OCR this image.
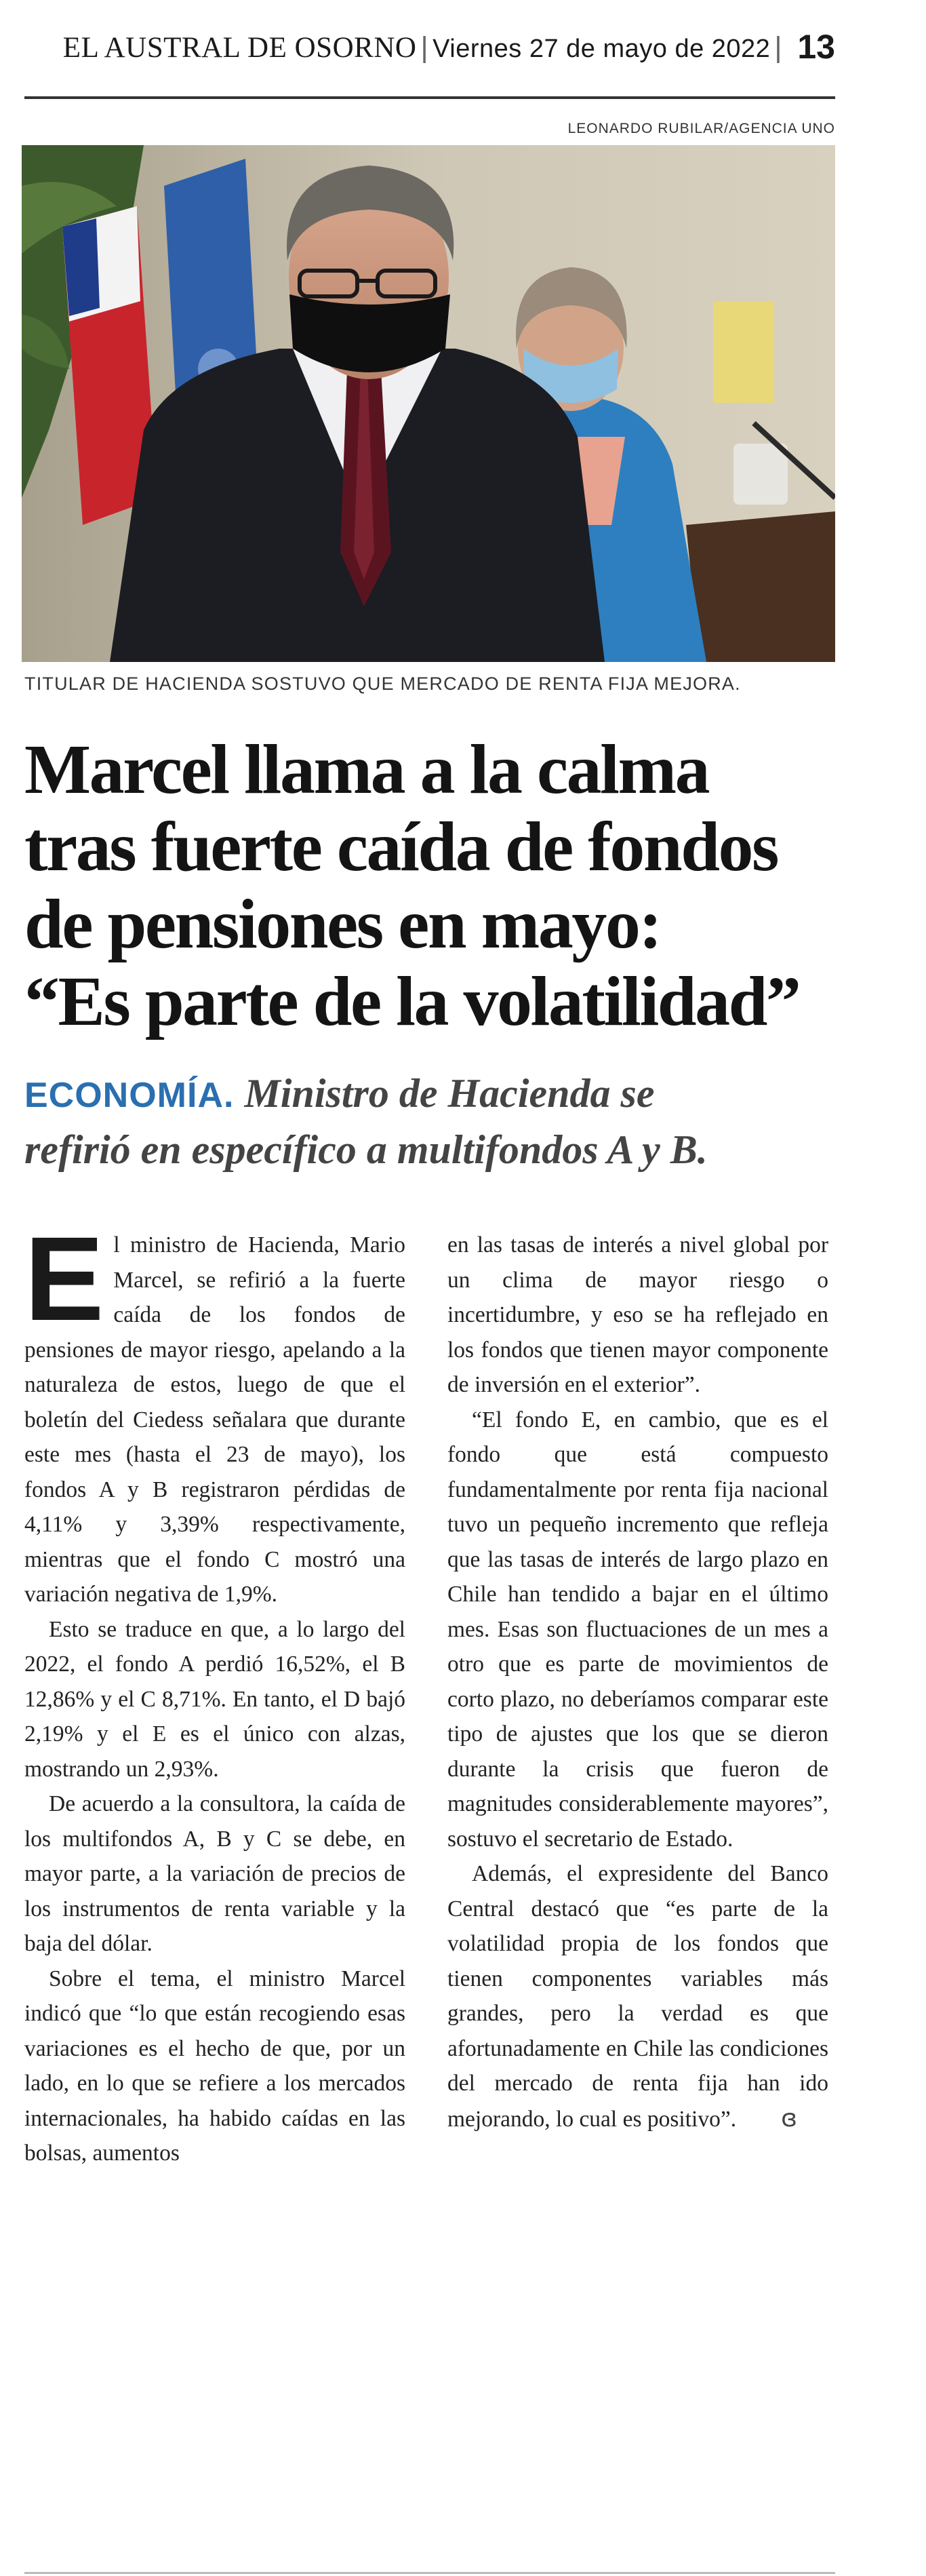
EL AUSTRAL DE OSORNO | Viernes 27 de mayo de 2022 | 13
LEONARDO RUBILAR/AGENCIA UNO
TITULAR DE HACIENDA SOSTUVO QUE MERCADO DE RENTA FIJA MEJORA.
Marcel llama a la calma
tras fuerte caída de fondos
de pensiones en mayo:
“Es parte de la volatilidad”
ECONOMÍA. Ministro de Hacienda se
refirió en específico a multifondos A y B.

El ministro de Hacienda, Mario Marcel, se refirió a la fuerte caída de los fondos de pensiones de mayor riesgo, apelando a la naturaleza de estos, luego de que el boletín del Ciedess señalara que durante este mes (hasta el 23 de mayo), los fondos A y B registraron pérdidas de 4,11% y 3,39% respectivamente, mientras que el fondo C mostró una variación negativa de 1,9%.

Esto se traduce en que, a lo largo del 2022, el fondo A perdió 16,52%, el B 12,86% y el C 8,71%. En tanto, el D bajó 2,19% y el E es el único con alzas, mostrando un 2,93%.

De acuerdo a la consultora, la caída de los multifondos A, B y C se debe, en mayor parte, a la variación de precios de los instrumentos de renta variable y la baja del dólar.

Sobre el tema, el ministro Marcel indicó que “lo que están recogiendo esas variaciones es el hecho de que, por un lado, en lo que se refiere a los mercados internacionales, ha habido caídas en las bolsas, aumentos

en las tasas de interés a nivel global por un clima de mayor riesgo o incertidumbre, y eso se ha reflejado en los fondos que tienen mayor componente de inversión en el exterior”.

“El fondo E, en cambio, que es el fondo que está compuesto fundamentalmente por renta fija nacional tuvo un pequeño incremento que refleja que las tasas de interés de largo plazo en Chile han tendido a bajar en el último mes. Esas son fluctuaciones de un mes a otro que es parte de movimientos de corto plazo, no deberíamos comparar este tipo de ajustes que los que se dieron durante la crisis que fueron de magnitudes considerablemente mayores”, sostuvo el secretario de Estado.

Además, el expresidente del Banco Central destacó que “es parte de la volatilidad propia de los fondos que tienen componentes variables más grandes, pero la verdad es que afortunadamente en Chile las condiciones del mercado de renta fija han ido mejorando, lo cual es positivo”. ɞ
